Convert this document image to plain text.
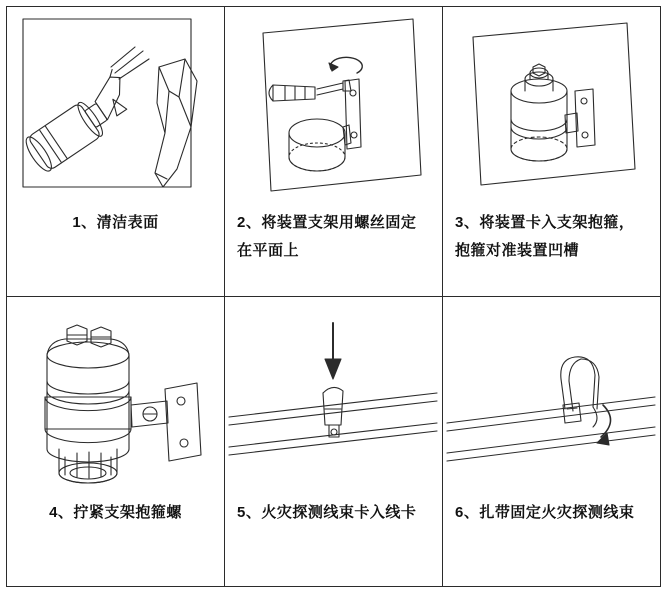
1、清洁表面	2、将装置支架用螺丝固定在平面上	3、将装置卡入支架抱箍，抱箍对准装置凹槽

4、拧紧支架抱箍螺	5、火灾探测线束卡入线卡	6、扎带固定火灾探测线束
